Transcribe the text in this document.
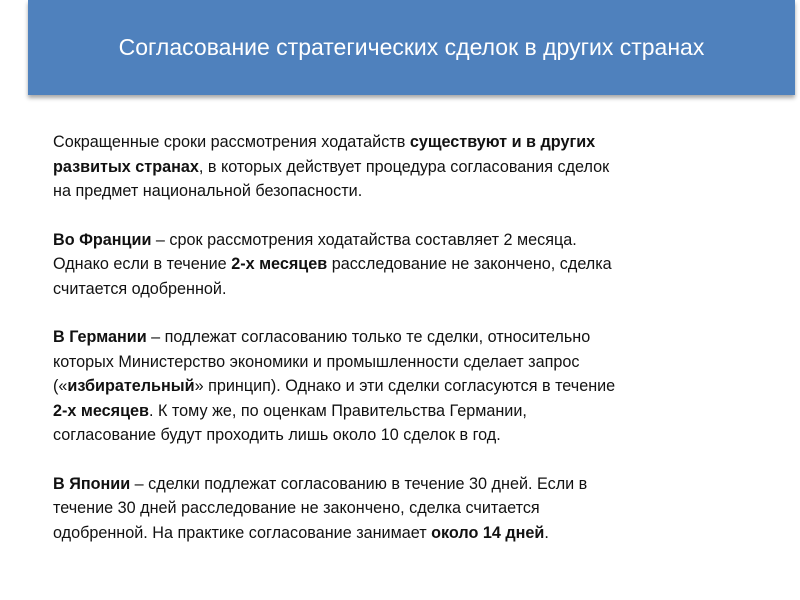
Согласование стратегических сделок в других странах

Сокращенные сроки рассмотрения ходатайств существуют и в других
развитых странах, в которых действует процедура согласования сделок
на предмет национальной безопасности.

Во Франции – срок рассмотрения ходатайства составляет 2 месяца.
Однако если в течение 2-х месяцев расследование не закончено, сделка
считается одобренной.

В Германии – подлежат согласованию только те сделки, относительно
которых Министерство экономики и промышленности сделает запрос
(«избирательный» принцип). Однако и эти сделки согласуются в течение
2-х месяцев. К тому же, по оценкам Правительства Германии,
согласование будут проходить лишь около 10 сделок в год.

В Японии – сделки подлежат согласованию в течение 30 дней. Если в
течение 30 дней расследование не закончено, сделка считается
одобренной. На практике согласование занимает около 14 дней.
